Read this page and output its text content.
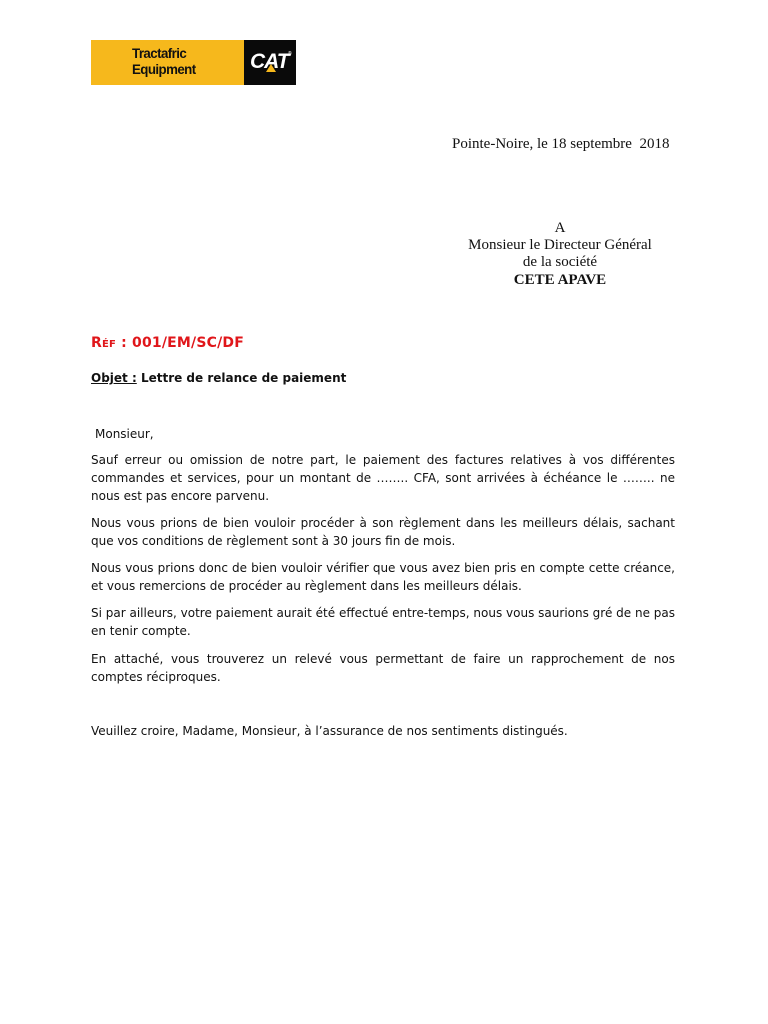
Tractafric
Equipment	CAT ®
Pointe-Noire, le 18 septembre  2018
A
Monsieur le Directeur Général
de la société
CETE APAVE
Réf : 001/EM/SC/DF
Objet : Lettre de relance de paiement
Monsieur,
Sauf erreur ou omission de notre part, le paiement des factures relatives à vos différentes commandes et services, pour un montant de …….. CFA, sont arrivées à échéance le …….. ne nous est pas encore parvenu.
Nous vous prions de bien vouloir procéder à son règlement dans les meilleurs délais, sachant que vos conditions de règlement sont à 30 jours fin de mois.
Nous vous prions donc de bien vouloir vérifier que vous avez bien pris en compte cette créance, et vous remercions de procéder au règlement dans les meilleurs délais.
Si par ailleurs, votre paiement aurait été effectué entre-temps, nous vous saurions gré de ne pas en tenir compte.
En attaché, vous trouverez un relevé vous permettant de faire un rapprochement de nos comptes réciproques.
Veuillez croire, Madame, Monsieur, à l’assurance de nos sentiments distingués.
